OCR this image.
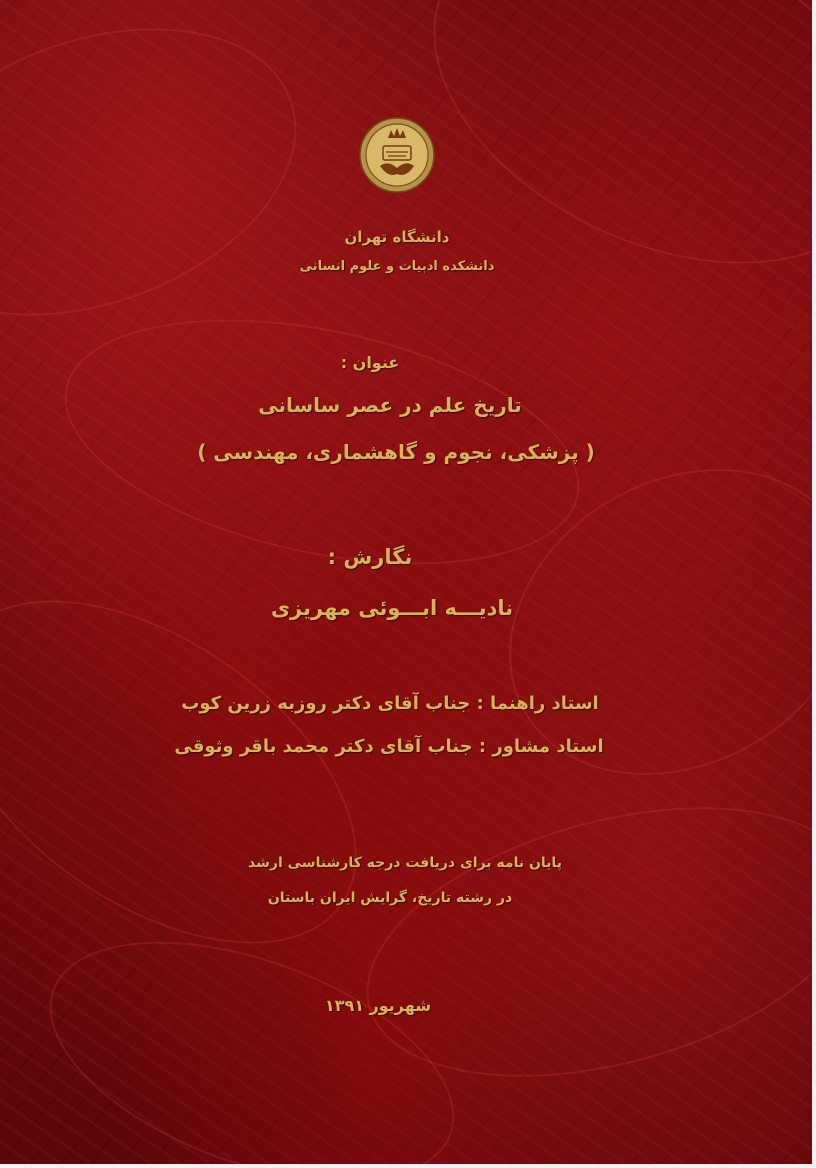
دانشگاه تهران
دانشکده ادبیات و علوم انسانی
عنوان :
تاریخ علم در عصر ساسانی
( پزشکی، نجوم و گاهشماری، مهندسی )
نگارش :
نادیـــه ابـــوئی مهریزی
استاد راهنما : جناب آقای دکتر روزبه زرین کوب
استاد مشاور : جناب آقای دکتر محمد باقر وثوقی
پایان نامه برای دریافت درجه کارشناسی ارشد
در رشته تاریخ، گرایش ایران باستان
شهریور ۱۳۹۱
